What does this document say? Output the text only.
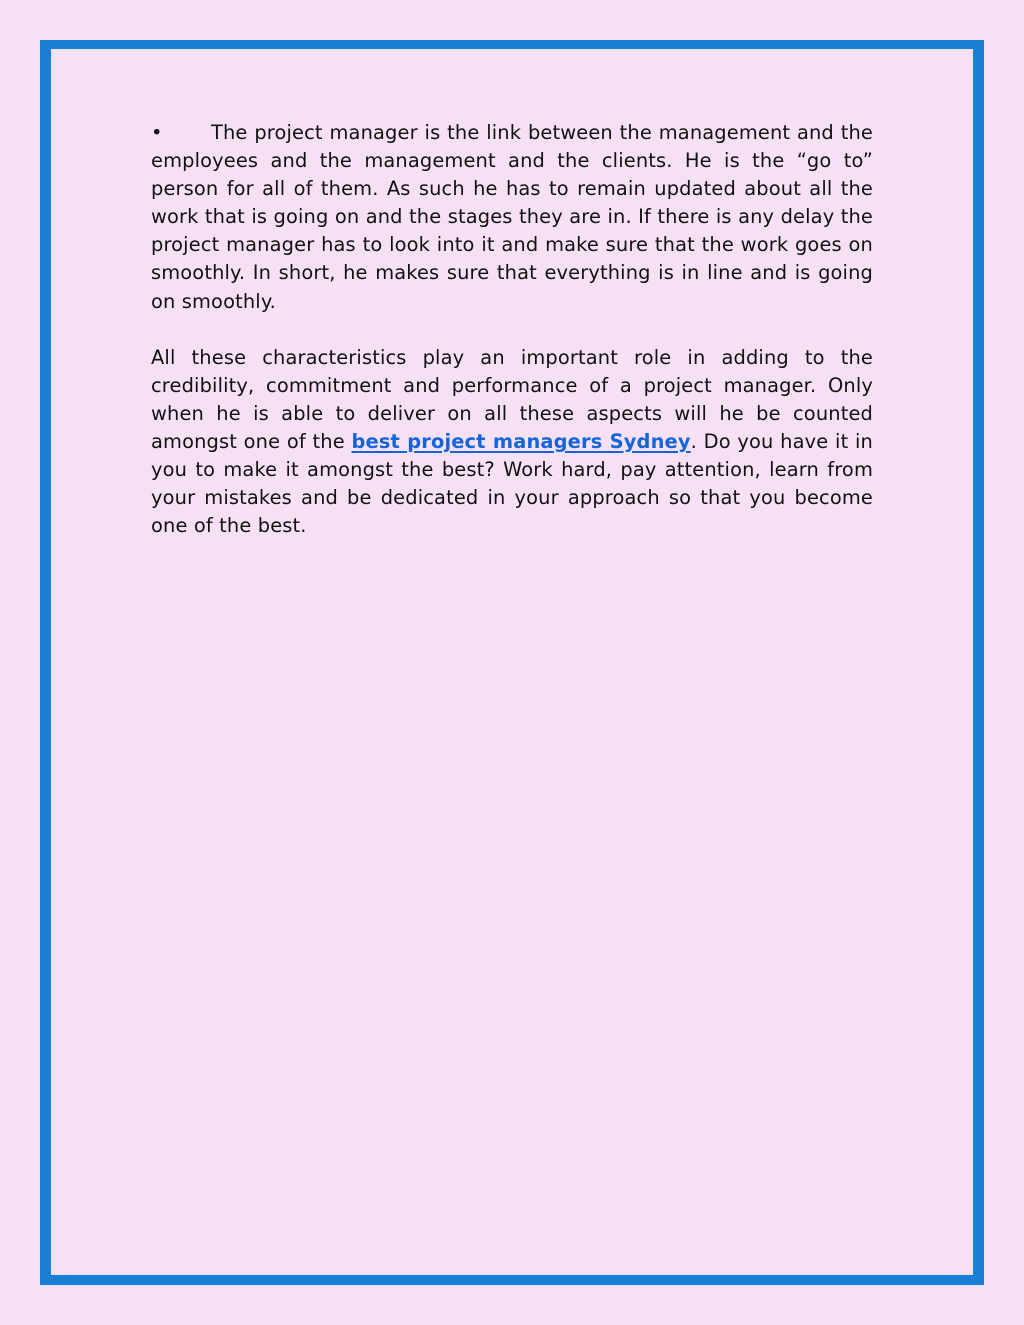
• The project manager is the link between the management and the employees and the management and the clients. He is the “go to” person for all of them. As such he has to remain updated about all the work that is going on and the stages they are in. If there is any delay the project manager has to look into it and make sure that the work goes on smoothly. In short, he makes sure that everything is in line and is going on smoothly.

All these characteristics play an important role in adding to the credibility, commitment and performance of a project manager. Only when he is able to deliver on all these aspects will he be counted amongst one of the best project managers Sydney. Do you have it in you to make it amongst the best? Work hard, pay attention, learn from your mistakes and be dedicated in your approach so that you become one of the best.
